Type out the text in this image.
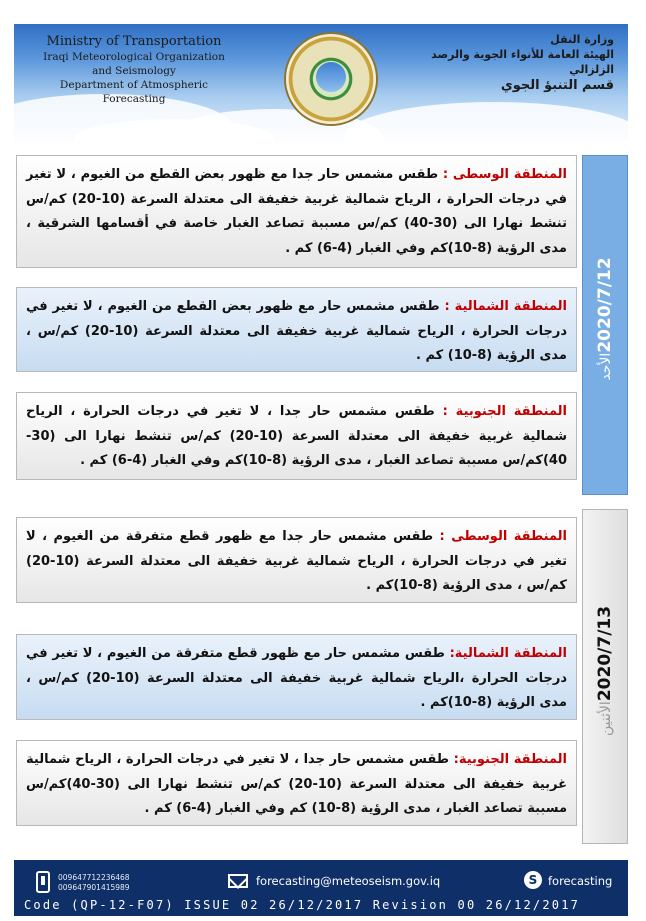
Ministry of Transportation
Iraqi Meteorological Organization and Seismology
Department of Atmospheric Forecasting
وزارة النقل
الهيئة العامة للأنواء الجوية والرصد الزلزالي
قسم التنبؤ الجوي
المنطقة الوسطى : طقس مشمس حار جدا مع ظهور بعض القطع من الغيوم ، لا تغير في درجات الحرارة ، الرياح شمالية غربية خفيفة الى معتدلة السرعة (10-20) كم/س تنشط نهارا الى (30-40) كم/س مسببة تصاعد الغبار خاصة في أقسامها الشرقية ، مدى الرؤية (8-10)كم وفي الغبار (4-6) كم .
المنطقة الشمالية : طقس مشمس حار مع ظهور بعض القطع من الغيوم ، لا تغير في درجات الحرارة ، الرياح شمالية غربية خفيفة الى معتدلة السرعة (10-20) كم/س ، مدى الرؤية (8-10) كم .
المنطقة الجنوبية : طقس مشمس حار جدا ، لا تغير في درجات الحرارة ، الرياح شمالية غربية خفيفة الى معتدلة السرعة (10-20) كم/س تنشط نهارا الى (30-40)كم/س مسببة تصاعد الغبار ، مدى الرؤية (8-10)كم وفي الغبار (4-6) كم .
2020/7/12الأحد
المنطقة الوسطى : طقس مشمس حار جدا مع ظهور قطع متفرقة من الغيوم ، لا تغير في درجات الحرارة ، الرياح شمالية غربية خفيفة الى معتدلة السرعة (10-20) كم/س ، مدى الرؤية (8-10)كم .
المنطقة الشمالية: طقس مشمس حار مع ظهور قطع متفرقة من الغيوم ، لا تغير في درجات الحرارة ،الرياح شمالية غربية خفيفة الى معتدلة السرعة (10-20) كم/س ، مدى الرؤية (8-10)كم .
المنطقة الجنوبية: طقس مشمس حار جدا ، لا تغير في درجات الحرارة ، الرياح شمالية غربية خفيفة الى معتدلة السرعة (10-20) كم/س تنشط نهارا الى (30-40)كم/س مسببة تصاعد الغبار ، مدى الرؤية (8-10) كم وفي الغبار (4-6) كم .
2020/7/13الأثنين
009647712236468
009647901415989	forecasting@meteoseism.gov.iq	S forecasting
Code (QP-12-F07) ISSUE 02 26/12/2017 Revision 00 26/12/2017
